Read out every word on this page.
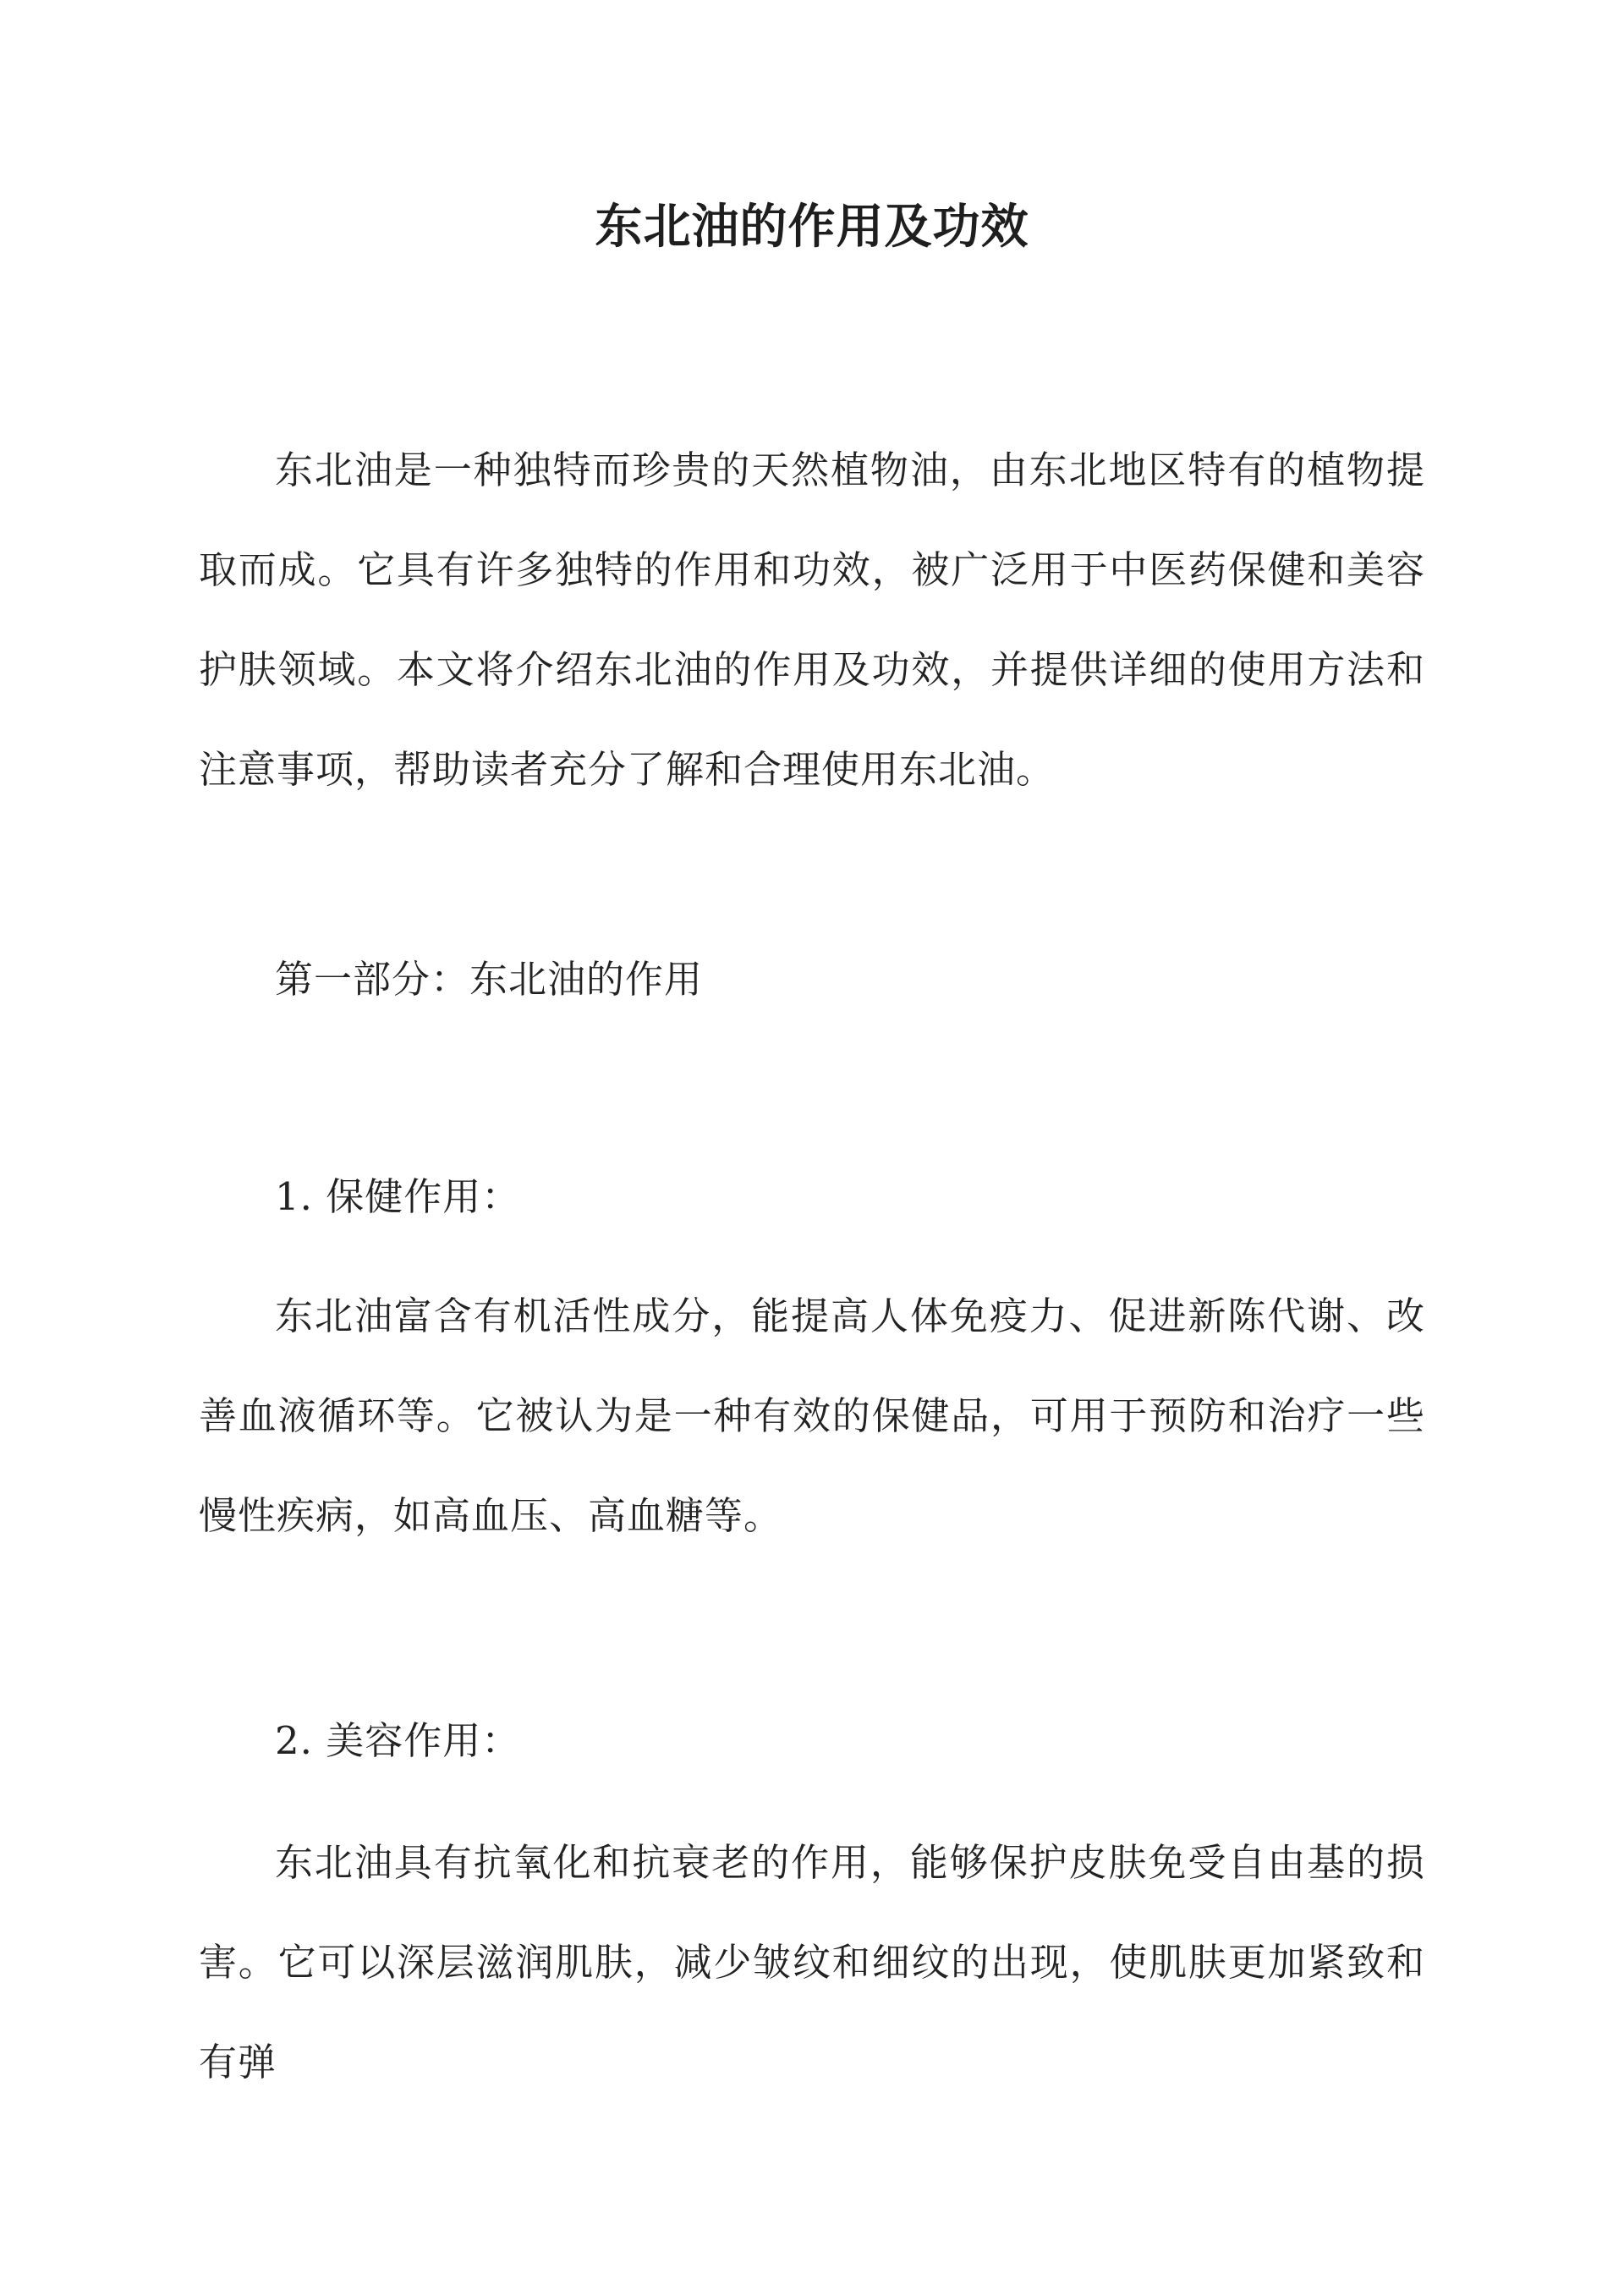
东北油的作用及功效

东北油是一种独特而珍贵的天然植物油，由东北地区特有的植物提取而成。它具有许多独特的作用和功效，被广泛用于中医药保健和美容护肤领域。本文将介绍东北油的作用及功效，并提供详细的使用方法和注意事项，帮助读者充分了解和合理使用东北油。

第一部分：东北油的作用

1. 保健作用：

东北油富含有机活性成分，能提高人体免疫力、促进新陈代谢、改善血液循环等。它被认为是一种有效的保健品，可用于预防和治疗一些慢性疾病，如高血压、高血糖等。

2. 美容作用：

东北油具有抗氧化和抗衰老的作用，能够保护皮肤免受自由基的损害。它可以深层滋润肌肤，减少皱纹和细纹的出现，使肌肤更加紧致和有弹
